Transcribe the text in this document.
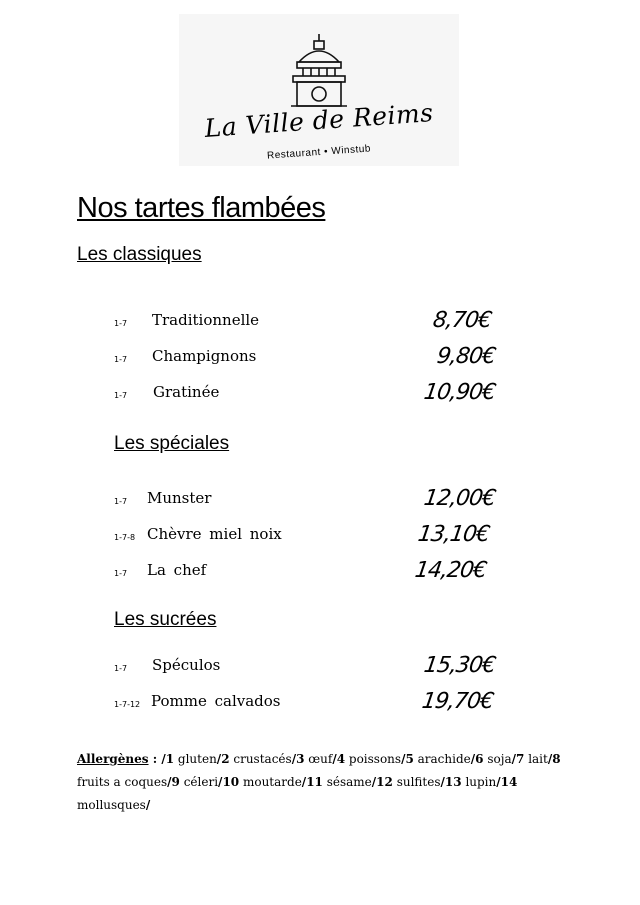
La Ville de Reims
Restaurant • Winstub
Nos tartes flambées
Les classiques
1-7 Traditionnelle	8,70€
1-7 Champignons	9,80€
1-7 Gratinée	10,90€
Les spéciales
1-7 Munster	12,00€
1-7-8 Chèvre miel noix	13,10€
1-7 La chef	14,20€
Les sucrées
1-7 Spéculos	15,30€
1-7-12 Pomme calvados	19,70€
Allergènes : /1 gluten/2 crustacés/3 œuf/4 poissons/5 arachide/6 soja/7 lait/8 fruits a coques/9 céleri/10 moutarde/11 sésame/12 sulfites/13 lupin/14 mollusques/
